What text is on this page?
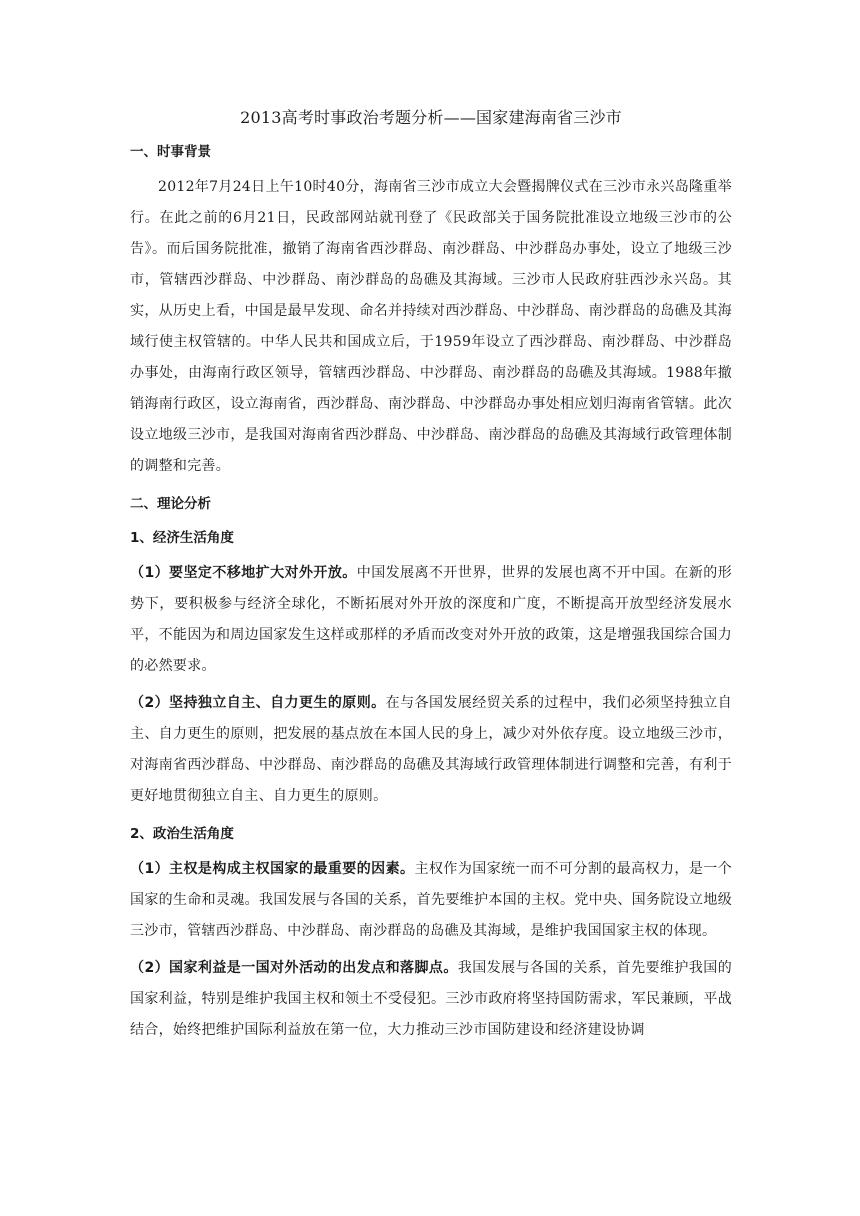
2013高考时事政治考题分析——国家建海南省三沙市
一、时事背景

2012年7月24日上午10时40分，海南省三沙市成立大会暨揭牌仪式在三沙市永兴岛隆重举行。在此之前的6月21日，民政部网站就刊登了《民政部关于国务院批准设立地级三沙市的公告》。而后国务院批准，撤销了海南省西沙群岛、南沙群岛、中沙群岛办事处，设立了地级三沙市，管辖西沙群岛、中沙群岛、南沙群岛的岛礁及其海域。三沙市人民政府驻西沙永兴岛。其实，从历史上看，中国是最早发现、命名并持续对西沙群岛、中沙群岛、南沙群岛的岛礁及其海域行使主权管辖的。中华人民共和国成立后，于1959年设立了西沙群岛、南沙群岛、中沙群岛办事处，由海南行政区领导，管辖西沙群岛、中沙群岛、南沙群岛的岛礁及其海域。1988年撤销海南行政区，设立海南省，西沙群岛、南沙群岛、中沙群岛办事处相应划归海南省管辖。此次设立地级三沙市，是我国对海南省西沙群岛、中沙群岛、南沙群岛的岛礁及其海域行政管理体制的调整和完善。

二、理论分析
1、经济生活角度

（1）要坚定不移地扩大对外开放。中国发展离不开世界，世界的发展也离不开中国。在新的形势下，要积极参与经济全球化，不断拓展对外开放的深度和广度，不断提高开放型经济发展水平，不能因为和周边国家发生这样或那样的矛盾而改变对外开放的政策，这是增强我国综合国力的必然要求。

（2）坚持独立自主、自力更生的原则。在与各国发展经贸关系的过程中，我们必须坚持独立自主、自力更生的原则，把发展的基点放在本国人民的身上，减少对外依存度。设立地级三沙市，对海南省西沙群岛、中沙群岛、南沙群岛的岛礁及其海域行政管理体制进行调整和完善，有利于更好地贯彻独立自主、自力更生的原则。

2、政治生活角度

（1）主权是构成主权国家的最重要的因素。主权作为国家统一而不可分割的最高权力，是一个国家的生命和灵魂。我国发展与各国的关系，首先要维护本国的主权。党中央、国务院设立地级三沙市，管辖西沙群岛、中沙群岛、南沙群岛的岛礁及其海域，是维护我国国家主权的体现。

（2）国家利益是一国对外活动的出发点和落脚点。我国发展与各国的关系，首先要维护我国的国家利益，特别是维护我国主权和领土不受侵犯。三沙市政府将坚持国防需求，军民兼顾，平战结合，始终把维护国际利益放在第一位，大力推动三沙市国防建设和经济建设协调
